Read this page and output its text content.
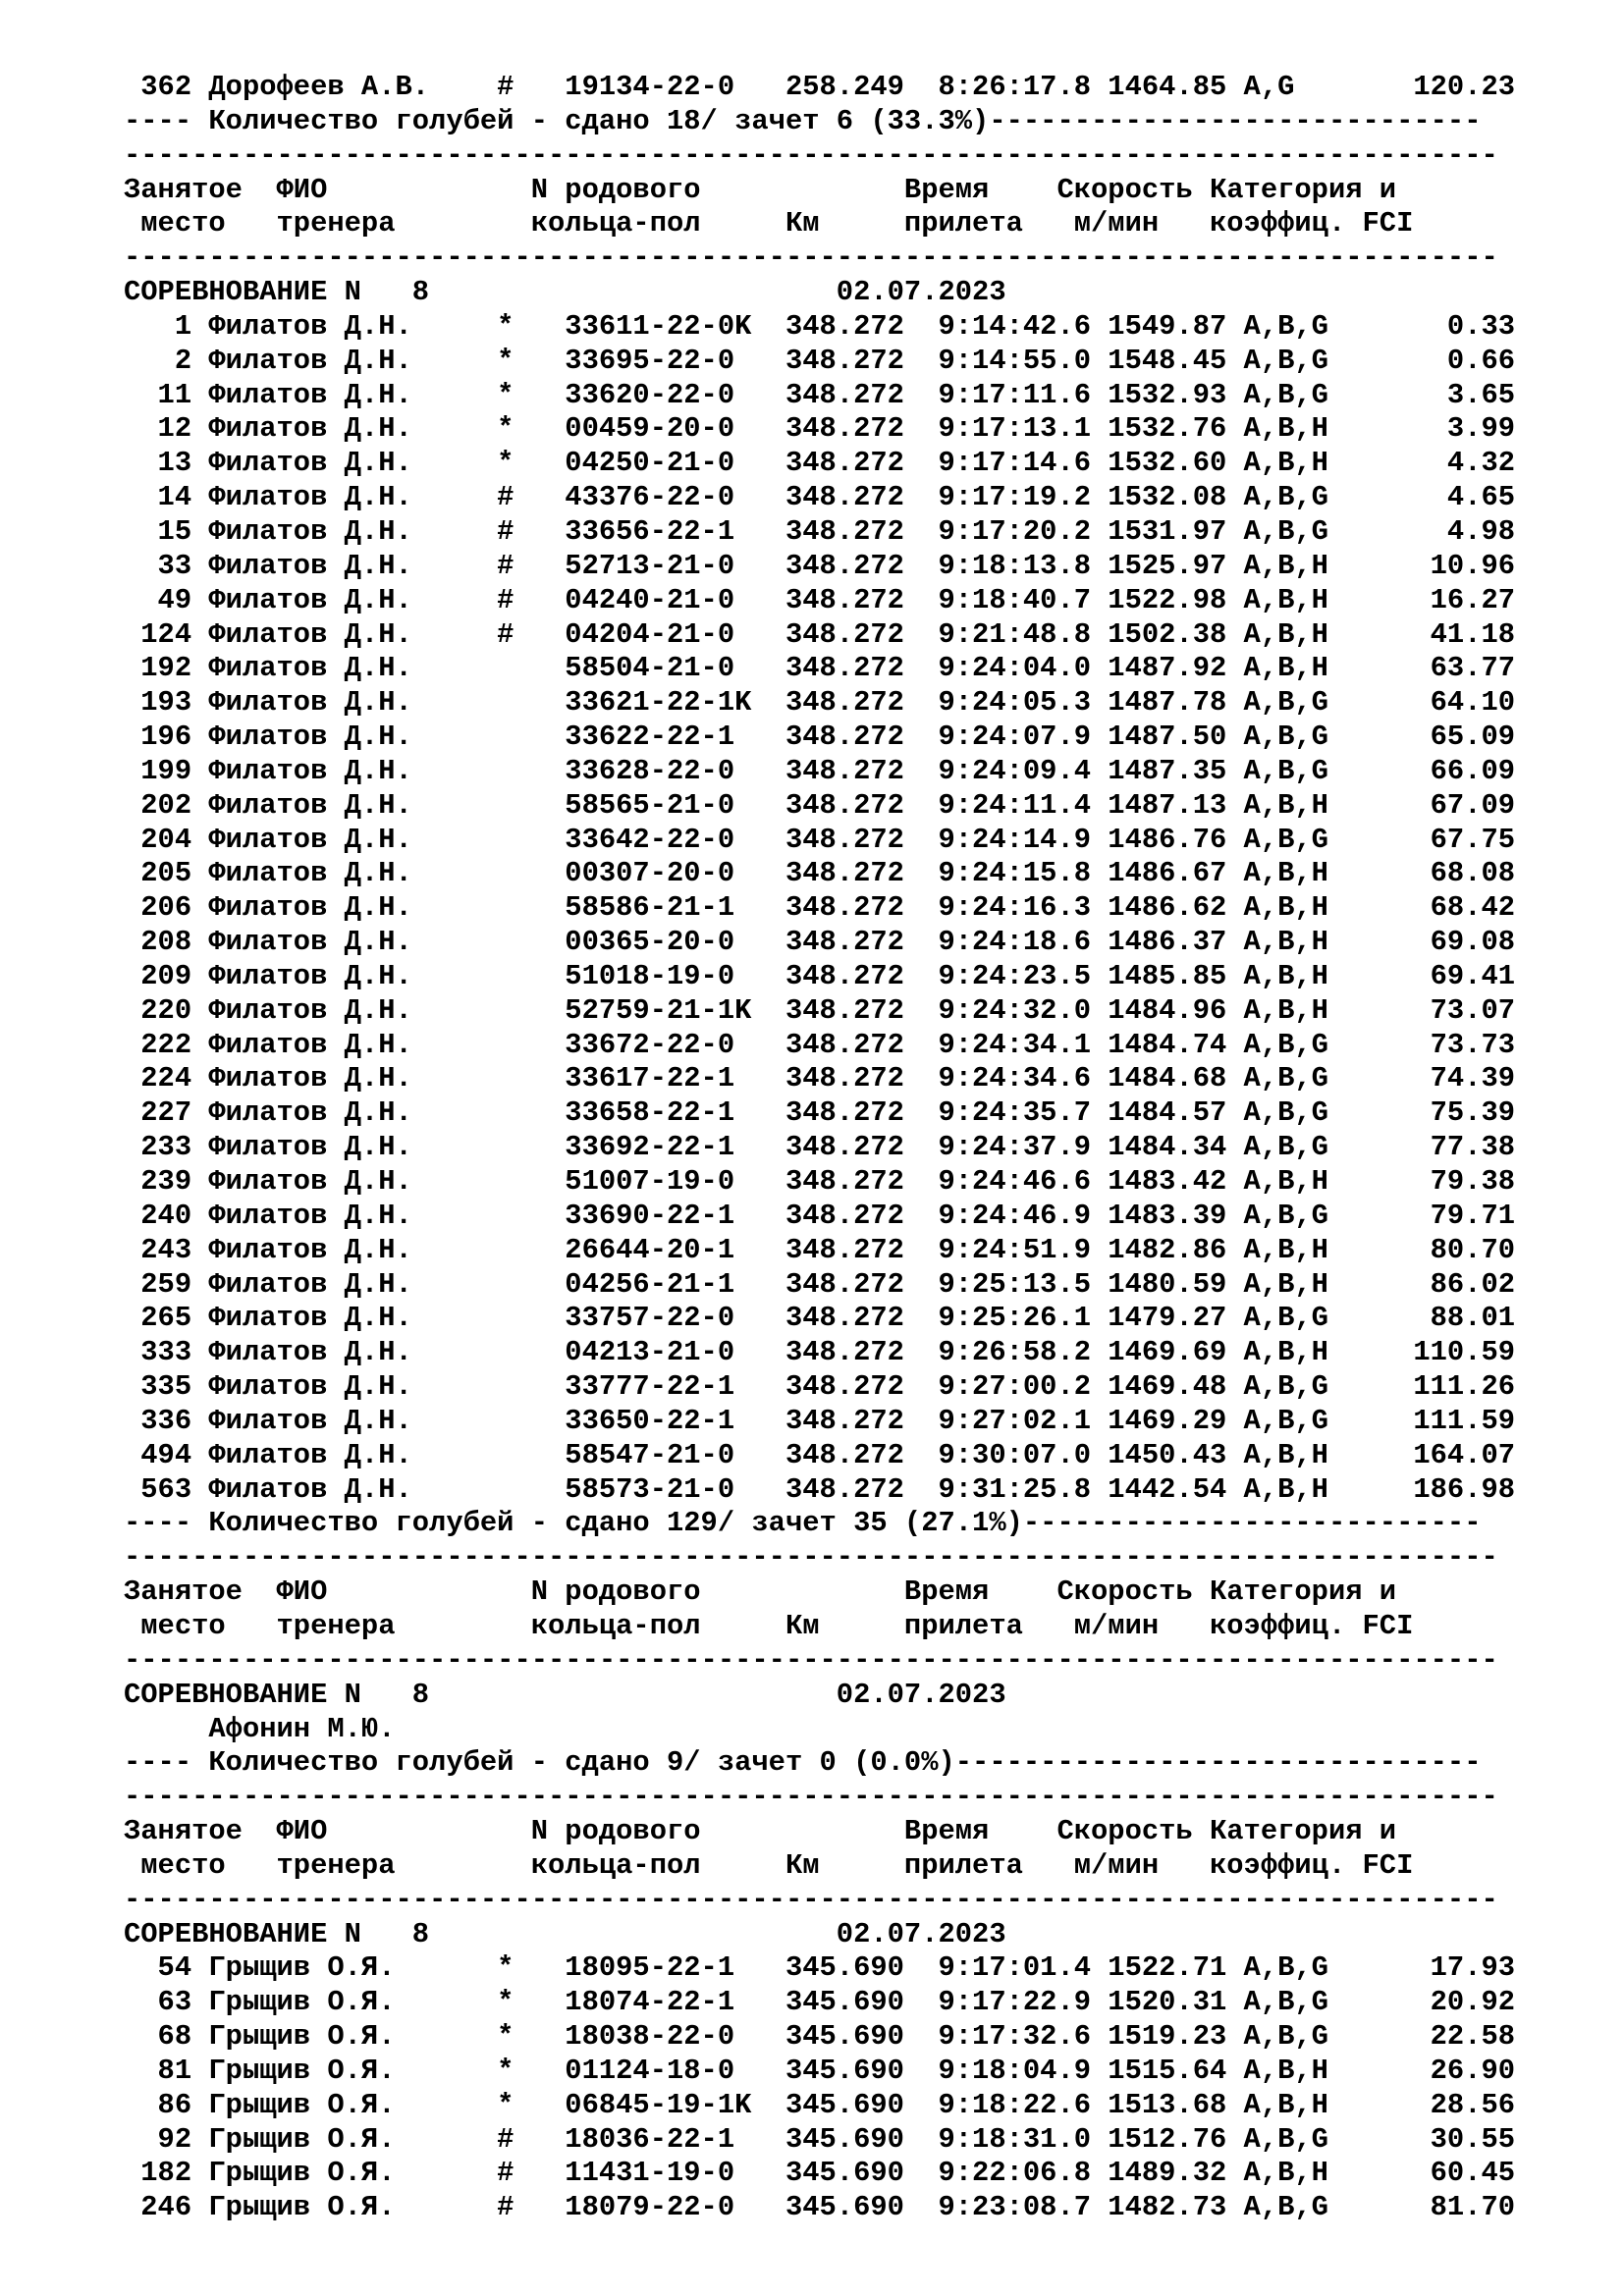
362 Дорофеев А.В.    #   19134-22-0   258.249  8:26:17.8 1464.85 A,G       120.23
---- Количество голубей - сдано 18/ зачет 6 (33.3%)-----------------------------
---------------------------------------------------------------------------------
Занятое  ФИО            N родового            Время    Скорость Категория и
место   тренера        кольца-пол     Км     прилета   м/мин   коэффиц. FCI
---------------------------------------------------------------------------------
СОРЕВНОВАНИЕ N   8                        02.07.2023
1 Филатов Д.Н.     *   33611-22-0K  348.272  9:14:42.6 1549.87 A,B,G       0.33
2 Филатов Д.Н.     *   33695-22-0   348.272  9:14:55.0 1548.45 A,B,G       0.66
11 Филатов Д.Н.     *   33620-22-0   348.272  9:17:11.6 1532.93 A,B,G       3.65
12 Филатов Д.Н.     *   00459-20-0   348.272  9:17:13.1 1532.76 A,B,H       3.99
13 Филатов Д.Н.     *   04250-21-0   348.272  9:17:14.6 1532.60 A,B,H       4.32
14 Филатов Д.Н.     #   43376-22-0   348.272  9:17:19.2 1532.08 A,B,G       4.65
15 Филатов Д.Н.     #   33656-22-1   348.272  9:17:20.2 1531.97 A,B,G       4.98
33 Филатов Д.Н.     #   52713-21-0   348.272  9:18:13.8 1525.97 A,B,H      10.96
49 Филатов Д.Н.     #   04240-21-0   348.272  9:18:40.7 1522.98 A,B,H      16.27
124 Филатов Д.Н.     #   04204-21-0   348.272  9:21:48.8 1502.38 A,B,H      41.18
192 Филатов Д.Н.         58504-21-0   348.272  9:24:04.0 1487.92 A,B,H      63.77
193 Филатов Д.Н.         33621-22-1K  348.272  9:24:05.3 1487.78 A,B,G      64.10
196 Филатов Д.Н.         33622-22-1   348.272  9:24:07.9 1487.50 A,B,G      65.09
199 Филатов Д.Н.         33628-22-0   348.272  9:24:09.4 1487.35 A,B,G      66.09
202 Филатов Д.Н.         58565-21-0   348.272  9:24:11.4 1487.13 A,B,H      67.09
204 Филатов Д.Н.         33642-22-0   348.272  9:24:14.9 1486.76 A,B,G      67.75
205 Филатов Д.Н.         00307-20-0   348.272  9:24:15.8 1486.67 A,B,H      68.08
206 Филатов Д.Н.         58586-21-1   348.272  9:24:16.3 1486.62 A,B,H      68.42
208 Филатов Д.Н.         00365-20-0   348.272  9:24:18.6 1486.37 A,B,H      69.08
209 Филатов Д.Н.         51018-19-0   348.272  9:24:23.5 1485.85 A,B,H      69.41
220 Филатов Д.Н.         52759-21-1K  348.272  9:24:32.0 1484.96 A,B,H      73.07
222 Филатов Д.Н.         33672-22-0   348.272  9:24:34.1 1484.74 A,B,G      73.73
224 Филатов Д.Н.         33617-22-1   348.272  9:24:34.6 1484.68 A,B,G      74.39
227 Филатов Д.Н.         33658-22-1   348.272  9:24:35.7 1484.57 A,B,G      75.39
233 Филатов Д.Н.         33692-22-1   348.272  9:24:37.9 1484.34 A,B,G      77.38
239 Филатов Д.Н.         51007-19-0   348.272  9:24:46.6 1483.42 A,B,H      79.38
240 Филатов Д.Н.         33690-22-1   348.272  9:24:46.9 1483.39 A,B,G      79.71
243 Филатов Д.Н.         26644-20-1   348.272  9:24:51.9 1482.86 A,B,H      80.70
259 Филатов Д.Н.         04256-21-1   348.272  9:25:13.5 1480.59 A,B,H      86.02
265 Филатов Д.Н.         33757-22-0   348.272  9:25:26.1 1479.27 A,B,G      88.01
333 Филатов Д.Н.         04213-21-0   348.272  9:26:58.2 1469.69 A,B,H     110.59
335 Филатов Д.Н.         33777-22-1   348.272  9:27:00.2 1469.48 A,B,G     111.26
336 Филатов Д.Н.         33650-22-1   348.272  9:27:02.1 1469.29 A,B,G     111.59
494 Филатов Д.Н.         58547-21-0   348.272  9:30:07.0 1450.43 A,B,H     164.07
563 Филатов Д.Н.         58573-21-0   348.272  9:31:25.8 1442.54 A,B,H     186.98
---- Количество голубей - сдано 129/ зачет 35 (27.1%)---------------------------
---------------------------------------------------------------------------------
Занятое  ФИО            N родового            Время    Скорость Категория и
место   тренера        кольца-пол     Км     прилета   м/мин   коэффиц. FCI
---------------------------------------------------------------------------------
СОРЕВНОВАНИЕ N   8                        02.07.2023
Афонин М.Ю.
---- Количество голубей - сдано 9/ зачет 0 (0.0%)-------------------------------
---------------------------------------------------------------------------------
Занятое  ФИО            N родового            Время    Скорость Категория и
место   тренера        кольца-пол     Км     прилета   м/мин   коэффиц. FCI
---------------------------------------------------------------------------------
СОРЕВНОВАНИЕ N   8                        02.07.2023
54 Грыщив О.Я.      *   18095-22-1   345.690  9:17:01.4 1522.71 A,B,G      17.93
63 Грыщив О.Я.      *   18074-22-1   345.690  9:17:22.9 1520.31 A,B,G      20.92
68 Грыщив О.Я.      *   18038-22-0   345.690  9:17:32.6 1519.23 A,B,G      22.58
81 Грыщив О.Я.      *   01124-18-0   345.690  9:18:04.9 1515.64 A,B,H      26.90
86 Грыщив О.Я.      *   06845-19-1K  345.690  9:18:22.6 1513.68 A,B,H      28.56
92 Грыщив О.Я.      #   18036-22-1   345.690  9:18:31.0 1512.76 A,B,G      30.55
182 Грыщив О.Я.      #   11431-19-0   345.690  9:22:06.8 1489.32 A,B,H      60.45
246 Грыщив О.Я.      #   18079-22-0   345.690  9:23:08.7 1482.73 A,B,G      81.70
